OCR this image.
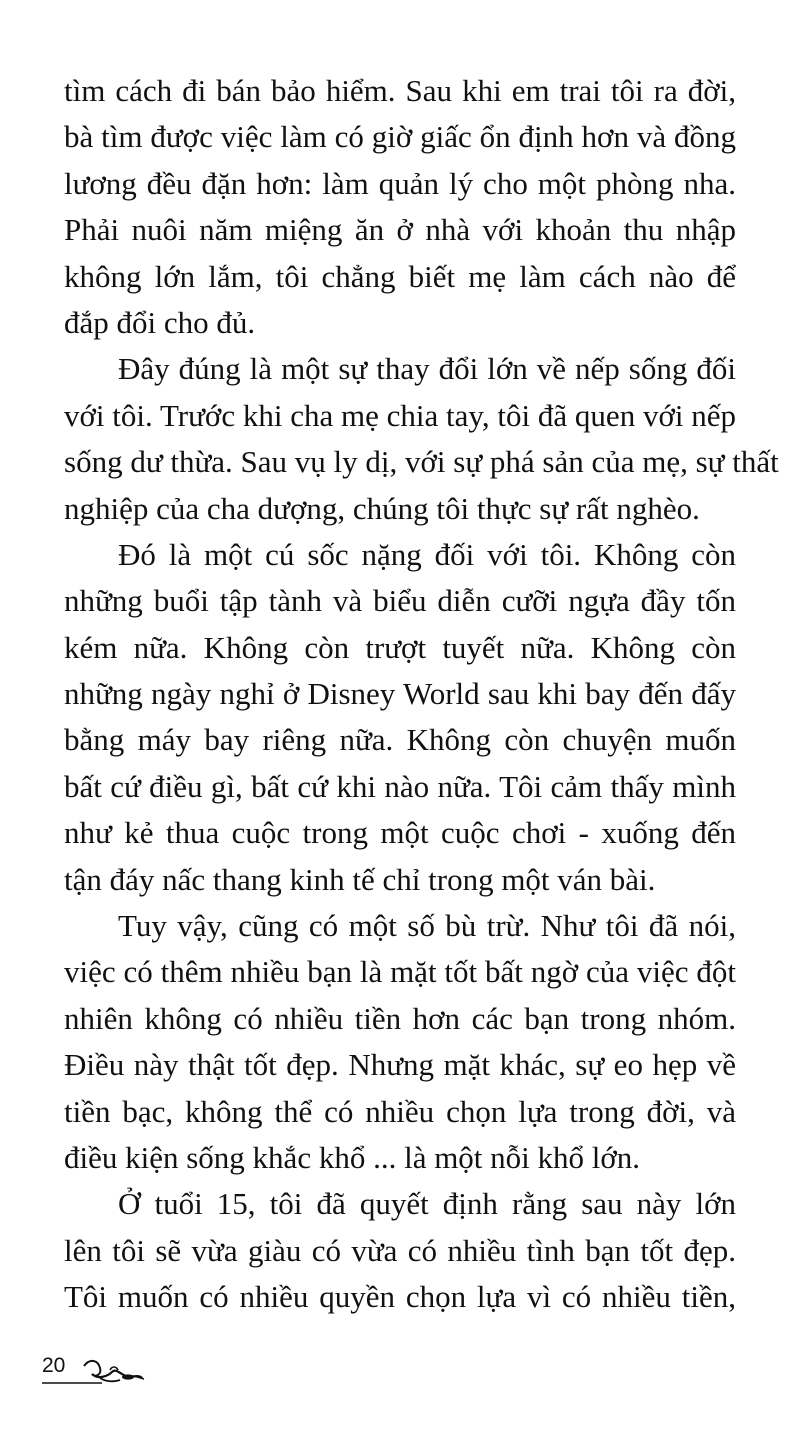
tìm cách đi bán bảo hiểm. Sau khi em trai tôi ra đời,
bà tìm được việc làm có giờ giấc ổn định hơn và đồng
lương đều đặn hơn: làm quản lý cho một phòng nha.
Phải nuôi năm miệng ăn ở nhà với khoản thu nhập
không lớn lắm, tôi chẳng biết mẹ làm cách nào để
đắp đổi cho đủ.
Đây đúng là một sự thay đổi lớn về nếp sống đối
với tôi. Trước khi cha mẹ chia tay, tôi đã quen với nếp
sống dư thừa. Sau vụ ly dị, với sự phá sản của mẹ, sự thất
nghiệp của cha dượng, chúng tôi thực sự rất nghèo.
Đó là một cú sốc nặng đối với tôi. Không còn
những buổi tập tành và biểu diễn cưỡi ngựa đầy tốn
kém nữa. Không còn trượt tuyết nữa. Không còn
những ngày nghỉ ở Disney World sau khi bay đến đấy
bằng máy bay riêng nữa. Không còn chuyện muốn
bất cứ điều gì, bất cứ khi nào nữa. Tôi cảm thấy mình
như kẻ thua cuộc trong một cuộc chơi - xuống đến
tận đáy nấc thang kinh tế chỉ trong một ván bài.
Tuy vậy, cũng có một số bù trừ. Như tôi đã nói,
việc có thêm nhiều bạn là mặt tốt bất ngờ của việc đột
nhiên không có nhiều tiền hơn các bạn trong nhóm.
Điều này thật tốt đẹp. Nhưng mặt khác, sự eo hẹp về
tiền bạc, không thể có nhiều chọn lựa trong đời, và
điều kiện sống khắc khổ ... là một nỗi khổ lớn.
Ở tuổi 15, tôi đã quyết định rằng sau này lớn
lên tôi sẽ vừa giàu có vừa có nhiều tình bạn tốt đẹp.
Tôi muốn có nhiều quyền chọn lựa vì có nhiều tiền,
20
